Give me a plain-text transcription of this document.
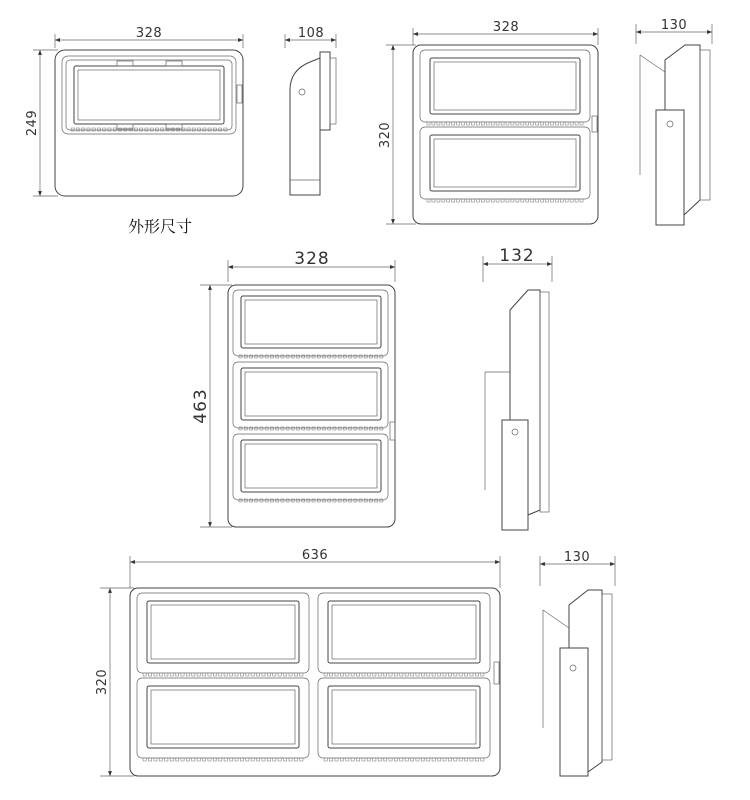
328
249
108
外形尺寸
328
320
130
328
463
132
636
320
130
